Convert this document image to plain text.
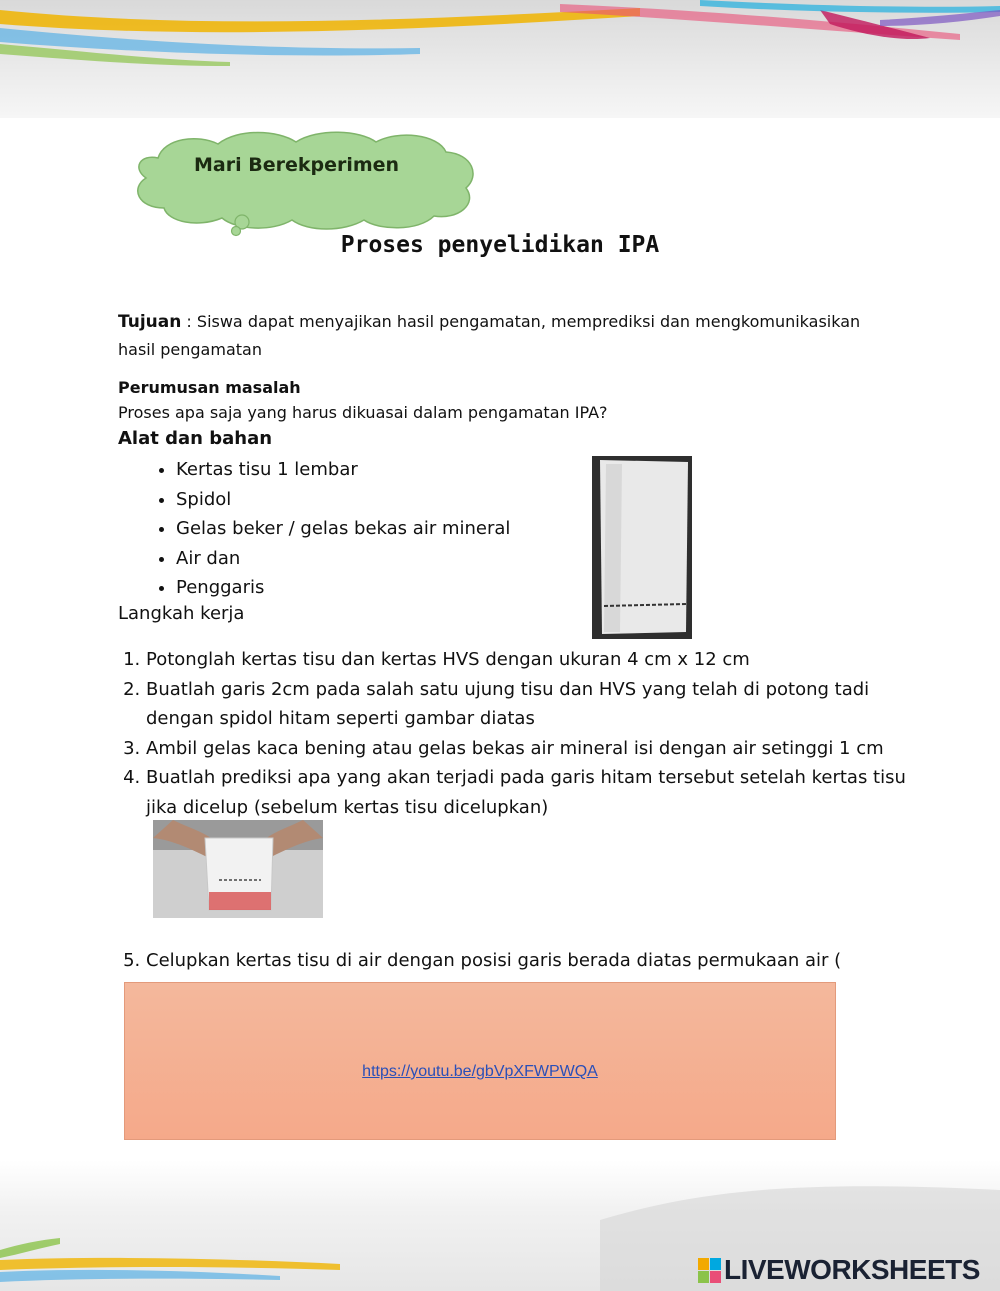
Mari Berekperimen
Proses penyelidikan IPA
Tujuan : Siswa dapat menyajikan hasil pengamatan, memprediksi dan mengkomunikasikan hasil pengamatan
Perumusan masalah
Proses apa saja yang harus dikuasai dalam pengamatan IPA?
Alat dan bahan
• Kertas tisu 1 lembar
• Spidol
• Gelas beker / gelas bekas air mineral
• Air dan
• Penggaris
Langkah kerja
1. Potonglah kertas tisu dan kertas HVS dengan ukuran 4 cm x 12 cm
2. Buatlah garis 2cm pada salah satu ujung tisu dan HVS yang telah di potong tadi dengan spidol hitam seperti gambar diatas
3. Ambil gelas kaca bening atau gelas bekas air mineral isi dengan air setinggi 1 cm
4. Buatlah prediksi apa yang akan terjadi pada garis hitam tersebut setelah kertas tisu jika dicelup (sebelum kertas tisu dicelupkan)
5. Celupkan kertas tisu di air dengan posisi garis berada diatas permukaan air (
https://youtu.be/gbVpXFWPWQA
LIVEWORKSHEETS
